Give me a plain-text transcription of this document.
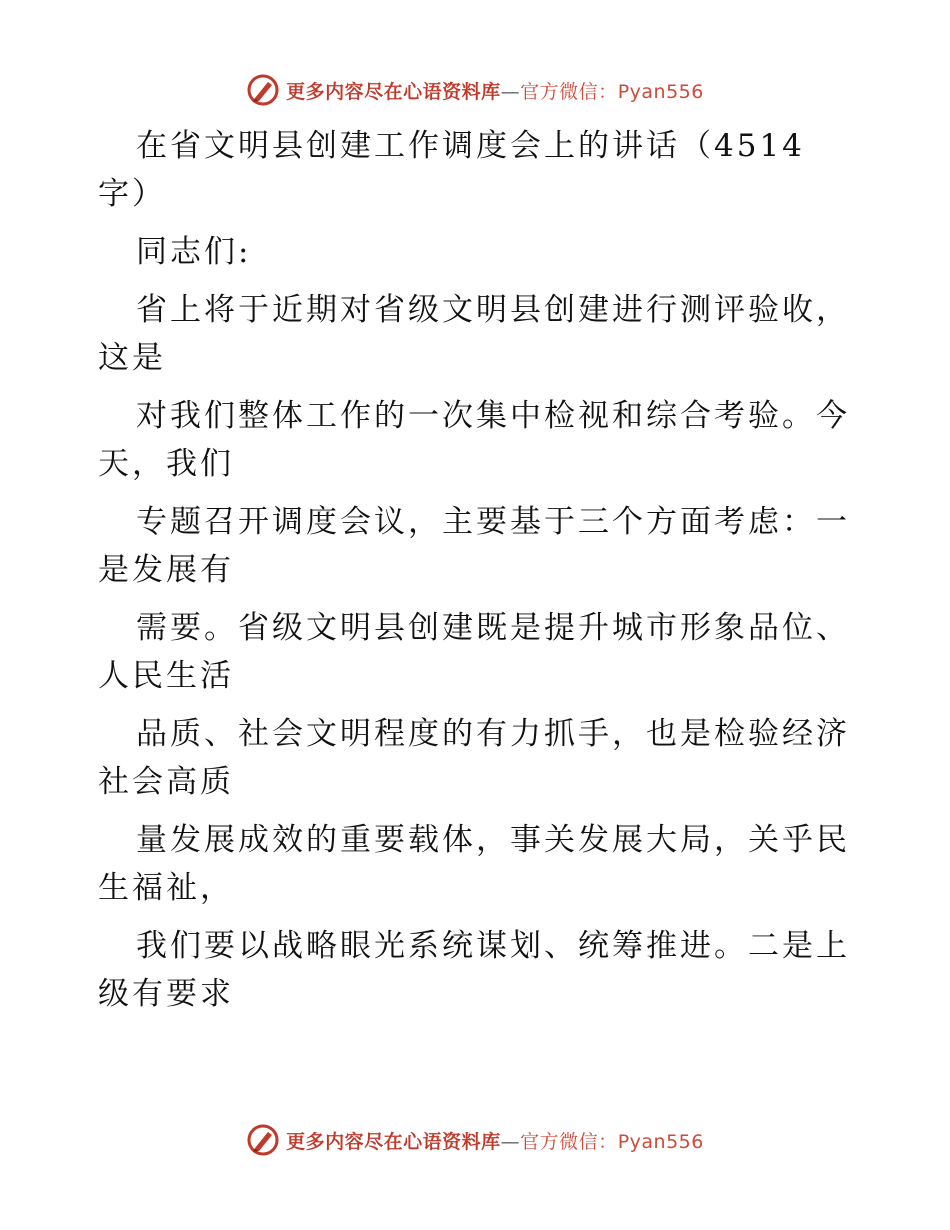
更多内容尽在心语资料库—官方微信：Pyan556
在省文明县创建工作调度会上的讲话（4514
字）
同志们:
省上将于近期对省级文明县创建进行测评验收，
这是
对我们整体工作的一次集中检视和综合考验。今
天，我们
专题召开调度会议，主要基于三个方面考虑：一
是发展有
需要。省级文明县创建既是提升城市形象品位、
人民生活
品质、社会文明程度的有力抓手，也是检验经济
社会高质
量发展成效的重要载体，事关发展大局，关乎民
生福祉，
我们要以战略眼光系统谋划、统筹推进。二是上
级有要求
更多内容尽在心语资料库—官方微信：Pyan556
